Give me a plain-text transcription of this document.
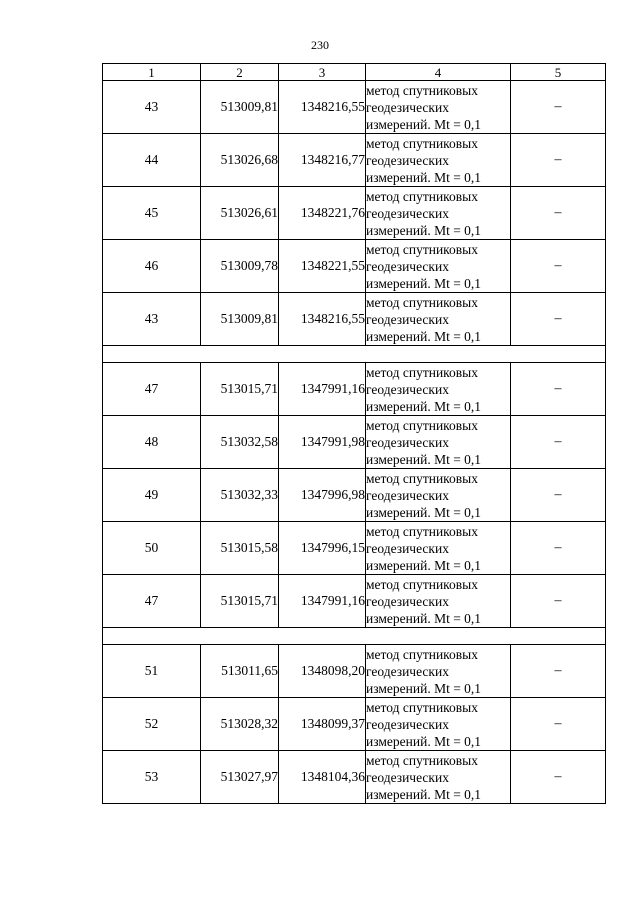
230
1	2	3	4	5
43	513009,81	1348216,55	метод спутниковых
геодезических
измерений. Mt = 0,1	–
44	513026,68	1348216,77	метод спутниковых
геодезических
измерений. Mt = 0,1	–
45	513026,61	1348221,76	метод спутниковых
геодезических
измерений. Mt = 0,1	–
46	513009,78	1348221,55	метод спутниковых
геодезических
измерений. Mt = 0,1	–
43	513009,81	1348216,55	метод спутниковых
геодезических
измерений. Mt = 0,1	–

47	513015,71	1347991,16	метод спутниковых
геодезических
измерений. Mt = 0,1	–
48	513032,58	1347991,98	метод спутниковых
геодезических
измерений. Mt = 0,1	–
49	513032,33	1347996,98	метод спутниковых
геодезических
измерений. Mt = 0,1	–
50	513015,58	1347996,15	метод спутниковых
геодезических
измерений. Mt = 0,1	–
47	513015,71	1347991,16	метод спутниковых
геодезических
измерений. Mt = 0,1	–

51	513011,65	1348098,20	метод спутниковых
геодезических
измерений. Mt = 0,1	–
52	513028,32	1348099,37	метод спутниковых
геодезических
измерений. Mt = 0,1	–
53	513027,97	1348104,36	метод спутниковых
геодезических
измерений. Mt = 0,1	–
